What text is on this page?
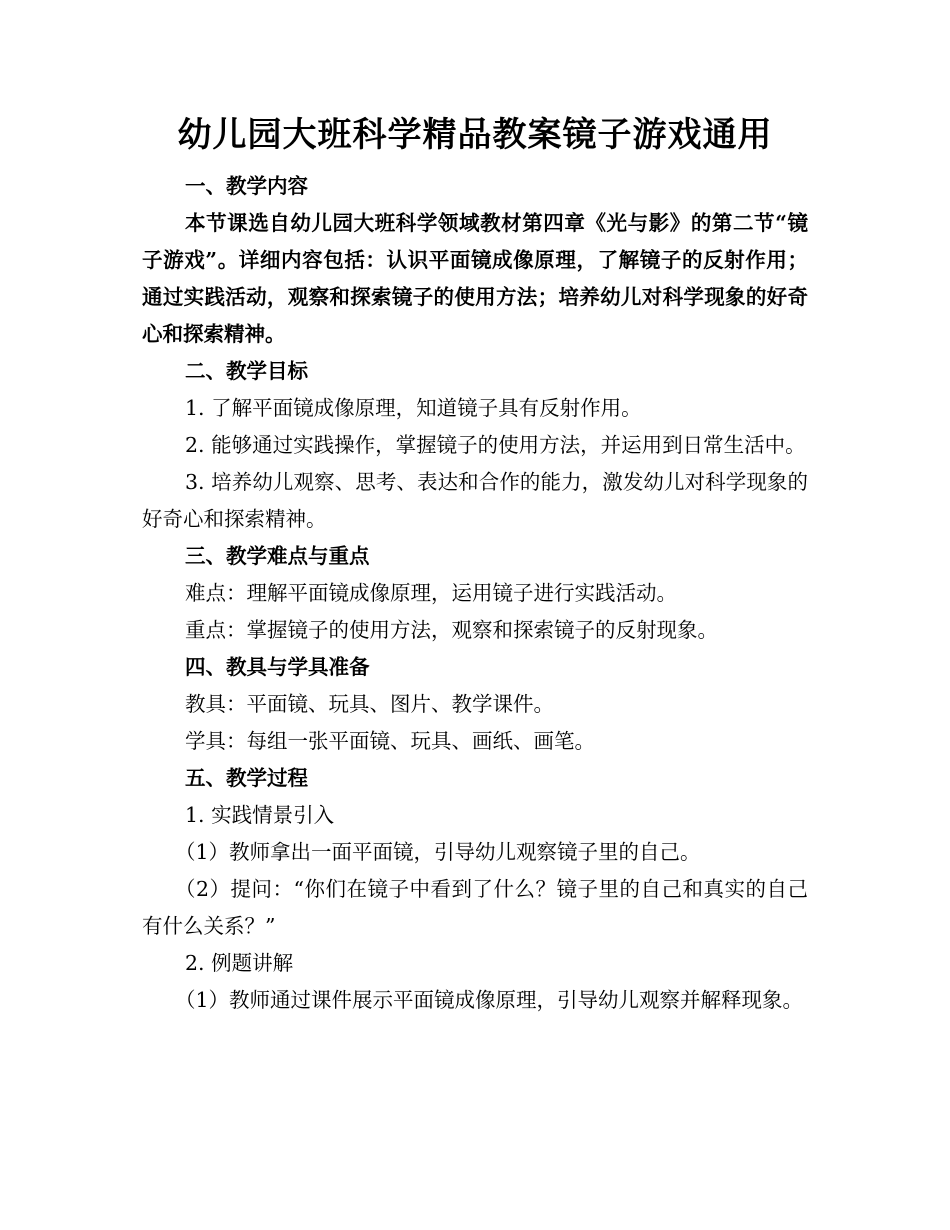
幼儿园大班科学精品教案镜子游戏通用

一、教学内容

本节课选自幼儿园大班科学领域教材第四章《光与影》的第二节“镜子游戏”。详细内容包括：认识平面镜成像原理，了解镜子的反射作用；通过实践活动，观察和探索镜子的使用方法；培养幼儿对科学现象的好奇心和探索精神。

二、教学目标

1. 了解平面镜成像原理，知道镜子具有反射作用。

2. 能够通过实践操作，掌握镜子的使用方法，并运用到日常生活中。

3. 培养幼儿观察、思考、表达和合作的能力，激发幼儿对科学现象的好奇心和探索精神。

三、教学难点与重点

难点：理解平面镜成像原理，运用镜子进行实践活动。

重点：掌握镜子的使用方法，观察和探索镜子的反射现象。

四、教具与学具准备

教具：平面镜、玩具、图片、教学课件。

学具：每组一张平面镜、玩具、画纸、画笔。

五、教学过程

1. 实践情景引入

（1）教师拿出一面平面镜，引导幼儿观察镜子里的自己。

（2）提问：“你们在镜子中看到了什么？镜子里的自己和真实的自己有什么关系？”

2. 例题讲解

（1）教师通过课件展示平面镜成像原理，引导幼儿观察并解释现象。
